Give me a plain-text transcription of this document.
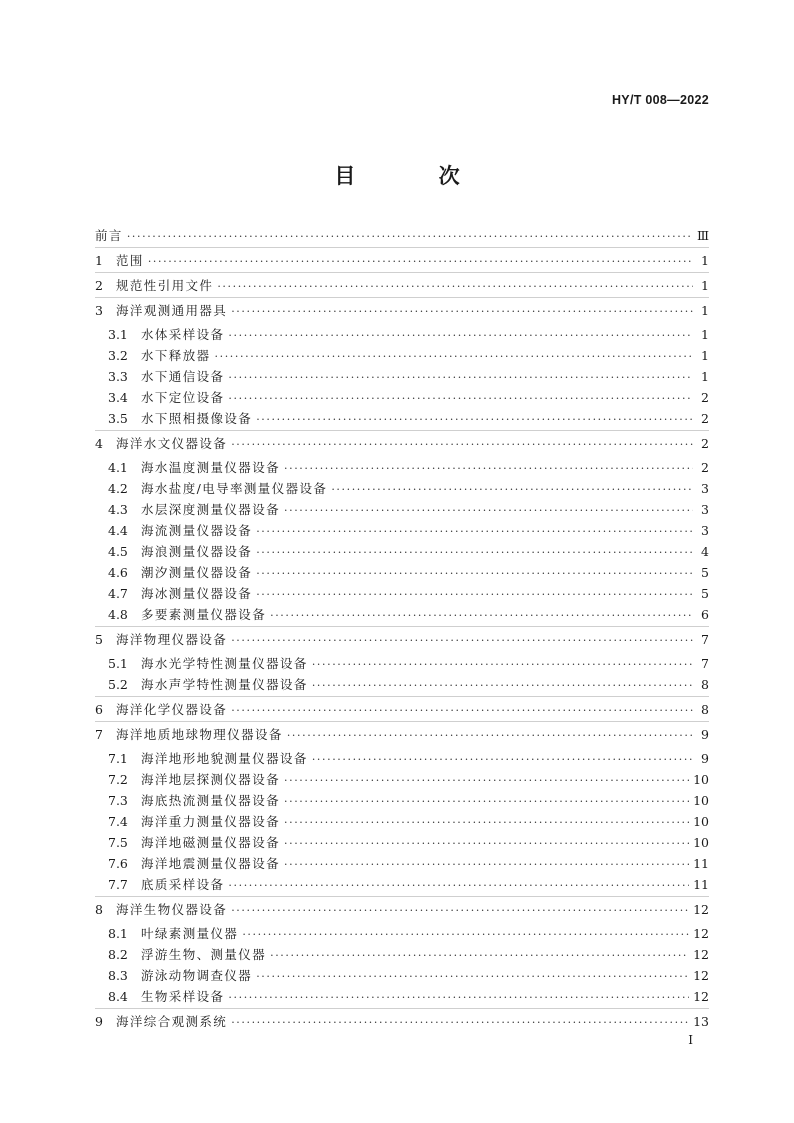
HY/T 008—2022
目 次
前言 ·····	Ⅲ
1	范围 ·····	1
2	规范性引用文件 ·····	1
3	海洋观测通用器具 ·····	1
3.1	水体采样设备 ·····	1
3.2	水下释放器 ·····	1
3.3	水下通信设备 ·····	1
3.4	水下定位设备 ·····	2
3.5	水下照相摄像设备 ·····	2
4	海洋水文仪器设备 ·····	2
4.1	海水温度测量仪器设备 ·····	2
4.2	海水盐度/电导率测量仪器设备 ·····	3
4.3	水层深度测量仪器设备 ·····	3
4.4	海流测量仪器设备 ·····	3
4.5	海浪测量仪器设备 ·····	4
4.6	潮汐测量仪器设备 ·····	5
4.7	海冰测量仪器设备 ·····	5
4.8	多要素测量仪器设备 ·····	6
5	海洋物理仪器设备 ·····	7
5.1	海水光学特性测量仪器设备 ·····	7
5.2	海水声学特性测量仪器设备 ·····	8
6	海洋化学仪器设备 ·····	8
7	海洋地质地球物理仪器设备 ·····	9
7.1	海洋地形地貌测量仪器设备 ·····	9
7.2	海洋地层探测仪器设备 ·····	10
7.3	海底热流测量仪器设备 ·····	10
7.4	海洋重力测量仪器设备 ·····	10
7.5	海洋地磁测量仪器设备 ·····	10
7.6	海洋地震测量仪器设备 ·····	11
7.7	底质采样设备 ·····	11
8	海洋生物仪器设备 ·····	12
8.1	叶绿素测量仪器 ·····	12
8.2	浮游生物、测量仪器 ·····	12
8.3	游泳动物调查仪器 ·····	12
8.4	生物采样设备 ·····	12
9	海洋综合观测系统 ·····	13
I
